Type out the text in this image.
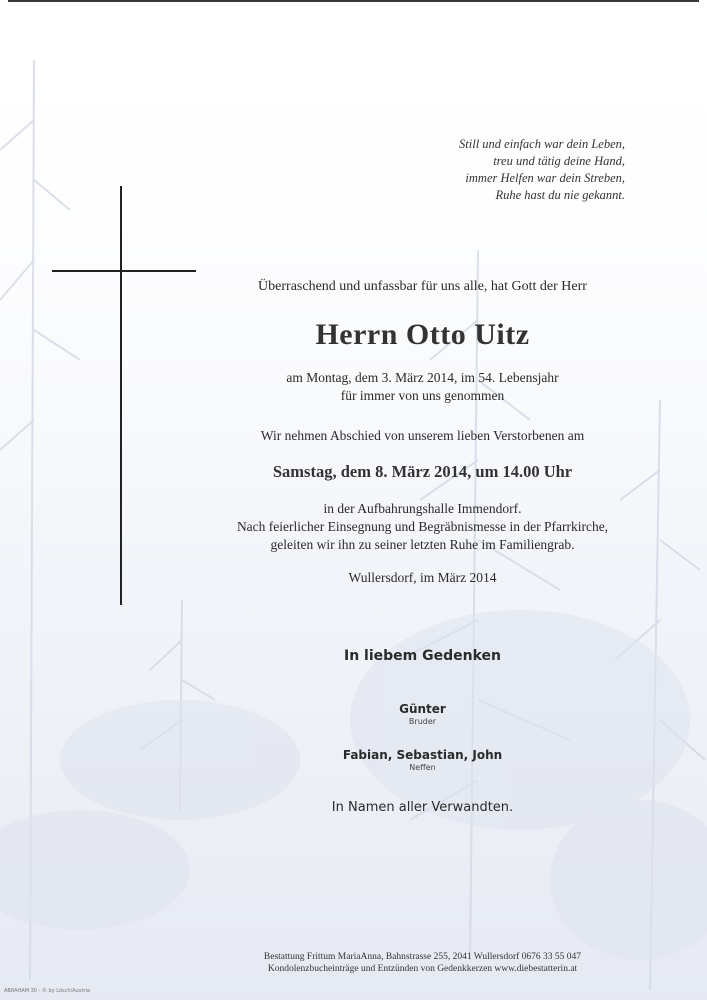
Still und einfach war dein Leben,
treu und tätig deine Hand,
immer Helfen war dein Streben,
Ruhe hast du nie gekannt.
Überraschend und unfassbar für uns alle, hat Gott der Herr
Herrn Otto Uitz
am Montag, dem 3. März 2014, im 54. Lebensjahr
für immer von uns genommen
Wir nehmen Abschied von unserem lieben Verstorbenen am
Samstag, dem 8. März 2014, um 14.00 Uhr
in der Aufbahrungshalle Immendorf.
Nach feierlicher Einsegnung und Begräbnismesse in der Pfarrkirche,
geleiten wir ihn zu seiner letzten Ruhe im Familiengrab.
Wullersdorf, im März 2014
In liebem Gedenken
Günter
Bruder
Fabian, Sebastian, John
Neffen
In Namen aller Verwandten.
Bestattung Frittum MariaAnna, Bahnstrasse 255, 2041 Wullersdorf 0676 33 55 047
Kondolenzbucheinträge und Entzünden von Gedenkkerzen www.diebestatterin.at
ABRAHAM 30 - © by Lösch/Austria
